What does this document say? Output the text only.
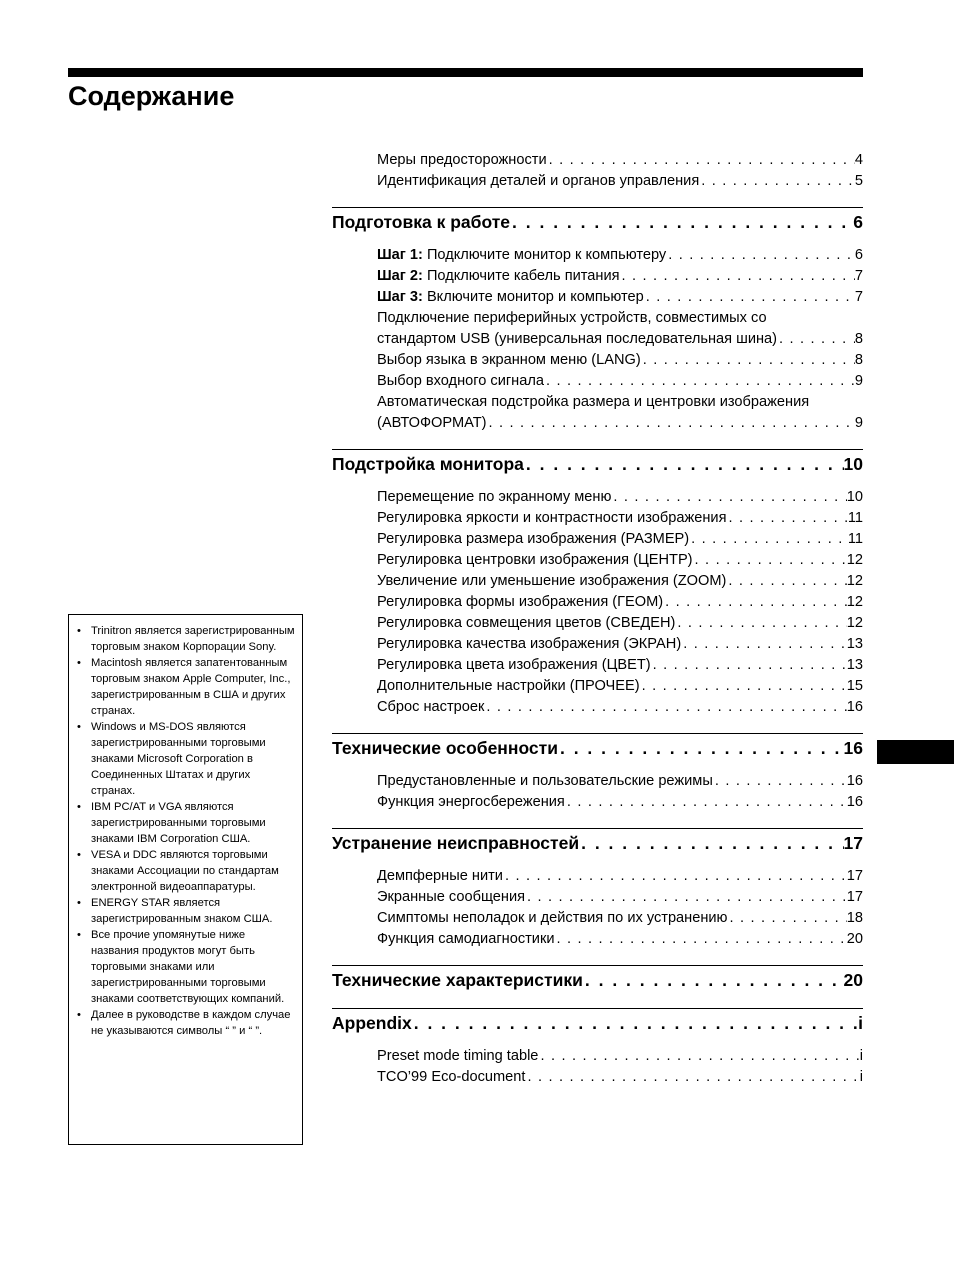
Содержание
Меры предосторожности . . .	4
Идентификация деталей и органов управления . . .	5
Подготовка к работе . . .	6
Шаг 1: Подключите монитор к компьютеру . . .	6
Шаг 2: Подключите кабель питания . . .	7
Шаг 3: Включите монитор и компьютер . . .	7
Подключение периферийных устройств, совместимых со
стандартом USB (универсальная последовательная шина) . . .	8
Выбор языка в экранном меню (LANG) . . .	8
Выбор входного сигнала . . .	9
Автоматическая подстройка размера и центровки изображения
(АВТОФОРМАТ) . . .	9
Подстройка монитора . . .	10
Перемещение по экранному меню . . .	10
Регулировка яркости и контрастности изображения . . .	11
Регулировка размера изображения (РАЗМЕР) . . .	11
Регулировка центровки изображения (ЦЕНТР) . . .	12
Увеличение или уменьшение изображения (ZOOM) . . .	12
Регулировка формы изображения (ГЕОМ) . . .	12
Регулировка совмещения цветов (СВЕДЕН) . . .	12
Регулировка качества изображения (ЭКРАН) . . .	13
Регулировка цвета изображения (ЦВЕТ) . . .	13
Дополнительные настройки (ПРОЧЕЕ) . . .	15
Сброс настроек . . .	16
Технические особенности . . .	16
Предустановленные и пользовательские режимы . . .	16
Функция энергосбережения . . .	16
Устранение неисправностей . . .	17
Демпферные нити . . .	17
Экранные сообщения . . .	17
Симптомы неполадок и действия по их устранению . . .	18
Функция самодиагностики . . .	20
Технические характеристики . . .	20
Appendix . . .	i
Preset mode timing table . . .	i
TCO’99 Eco-document . . .	i
• Trinitron является зарегистрированным торговым знаком Корпорации Sony.
• Macintosh является запатентованным торговым знаком Apple Computer, Inc., зарегистрированным в США и других странах.
• Windows и MS-DOS являются зарегистрированными торговыми знаками Microsoft Corporation в Соединенных Штатах и других странах.
• IBM PC/AT и VGA являются зарегистрированными торговыми знаками IBM Corporation США.
• VESA и DDC являются торговыми знаками Ассоциации по стандартам электронной видеоаппаратуры.
• ENERGY STAR является зарегистрированным знаком США.
• Все прочие упомянутые ниже названия продуктов могут быть торговыми знаками или зарегистрированными торговыми знаками соответствующих компаний.
• Далее в руководстве в каждом случае не указываются символы “ ” и “ ”.
